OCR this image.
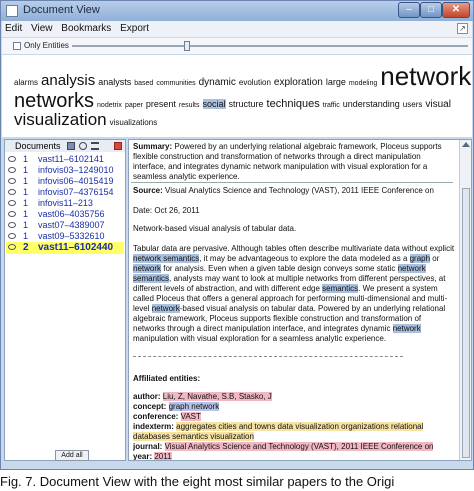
Document View	–	□	✕
Edit View Bookmarks Export	↗
Only Entities
alarms analysis analysts based communities dynamic evolution exploration large modeling network
networks nodetrix paper present results social structure techniques traffic understanding users visual
visualization visualizations
Documents
1 vast11–6102141
1 infovis03–1249010
1 infovis06–4015419
1 infovis07–4376154
1 infovis11–213
1 vast06–4035756
1 vast07–4389007
1 vast09–5332610
2 vast11–6102440
Add all
Summary: Powered by an underlying relational algebraic framework, Ploceus supports flexible construction and transformation of networks through a direct manipulation interface, and integrates dynamic network manipulation with visual exploration for a seamless analytic experience.
Source: Visual Analytics Science and Technology (VAST), 2011 IEEE Conference on
Date: Oct 26, 2011
Network-based visual analysis of tabular data.
Tabular data are pervasive. Although tables often describe multivariate data without explicit network semantics, it may be advantageous to explore the data modeled as a graph or network for analysis. Even when a given table design conveys some static network semantics, analysts may want to look at multiple networks from different perspectives, at different levels of abstraction, and with different edge semantics. We present a system called Ploceus that offers a general approach for performing multi-dimensional and multi-level network-based visual analysis on tabular data. Powered by an underlying relational algebraic framework, Ploceus supports flexible construction and transformation of networks through a direct manipulation interface, and integrates dynamic network manipulation with visual exploration for a seamless analytic experience.
Affiliated entities:
author: Liu, Z, Navathe, S.B, Stasko, J
concept: graph network
conference: VAST
indexterm: aggregates cities and towns data visualization organizations relational databases semantics visualization
journal: Visual Analytics Science and Technology (VAST), 2011 IEEE Conference on
year: 2011
Fig. 7. Document View with the eight most similar papers to the Origi
